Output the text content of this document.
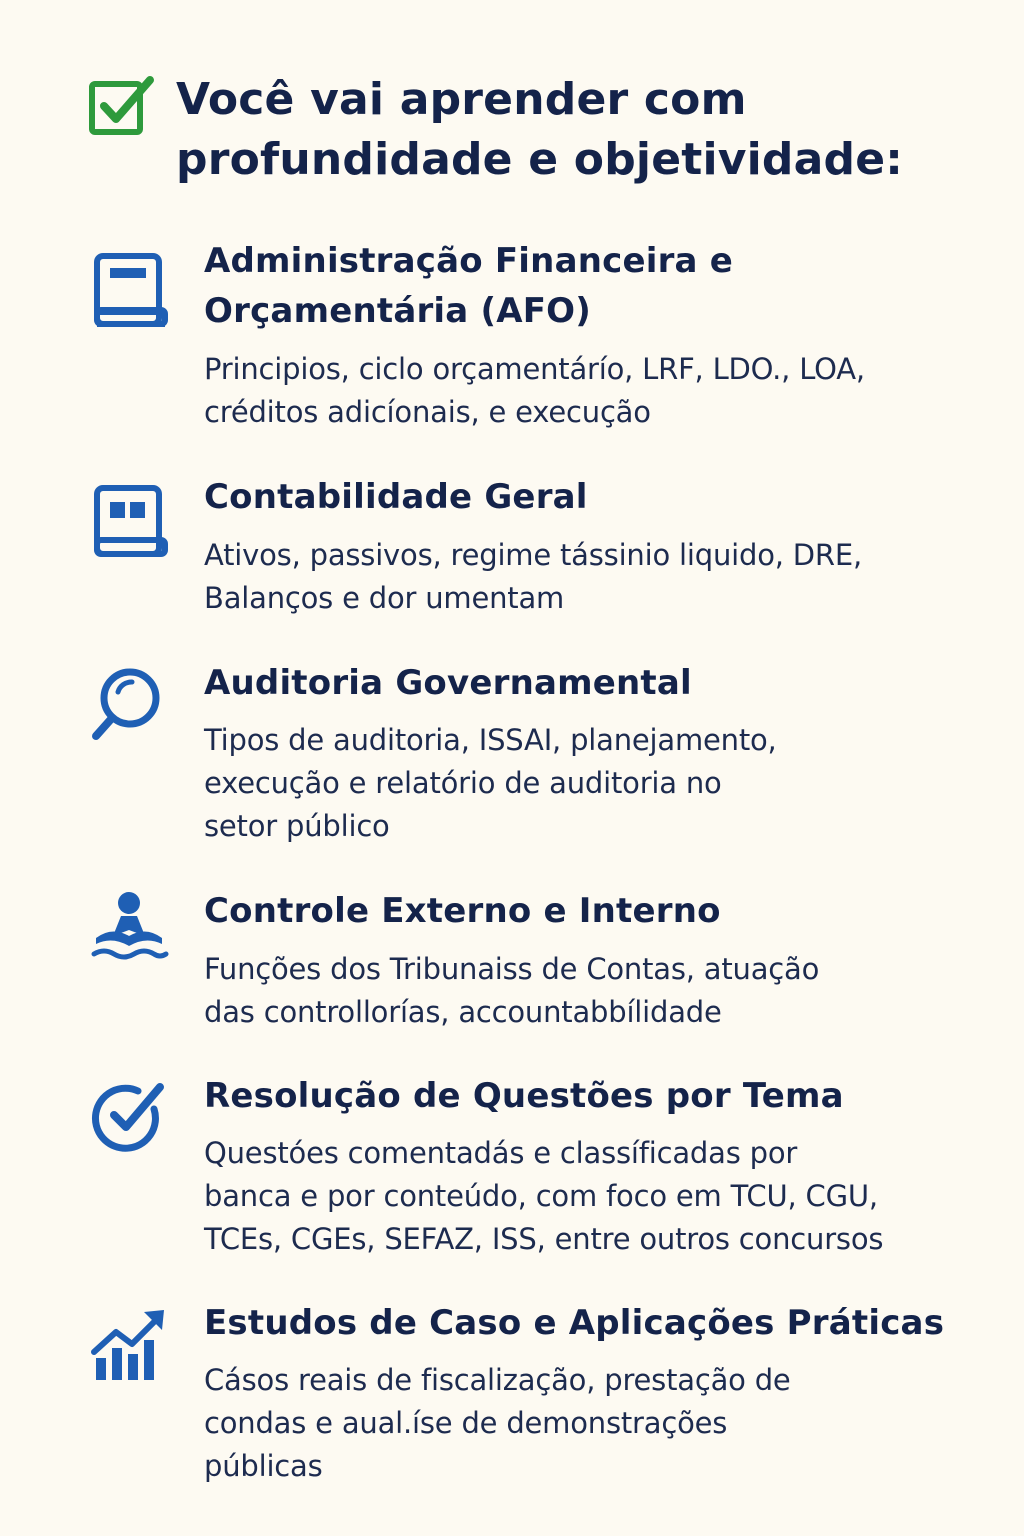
Você vai aprender com
profundidade e objetividade:
Administração Financeira e
Orçamentária (AFO)

Principios, ciclo orçamentárío, LRF, LDO., LOA,
créditos adicíonais, e execução

Contabilidade Geral

Ativos, passivos, regime tássinio liquido, DRE,
Balanços e dor umentam

Auditoria Governamental

Tipos de auditoria, ISSAI, planejamento,
execução e relatório de auditoria no
setor público

Controle Externo e Interno

Funções dos Tribunaiss de Contas, atuação
das controllorías, accountabbílidade

Resolução de Questões por Tema

Questóes comentadás e classíficadas por
banca e por conteúdo, com foco em TCU, CGU,
TCEs, CGEs, SEFAZ, ISS, entre outros concursos

Estudos de Caso e Aplicações Práticas

Cásos reais de fiscalização, prestação de
condas e aual.íse de demonstrações
públicas
